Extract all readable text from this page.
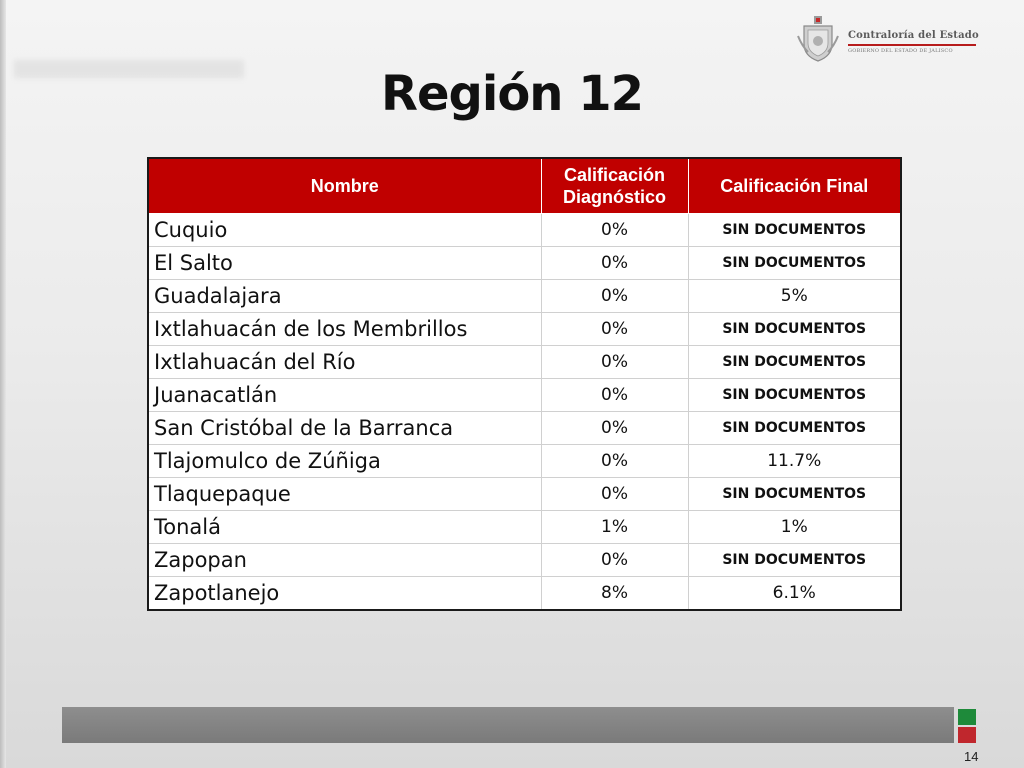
Contraloría del Estado
GOBIERNO DEL ESTADO DE JALISCO
Región 12
Nombre	Calificación Diagnóstico	Calificación Final
Cuquio	0%	SIN DOCUMENTOS
El Salto	0%	SIN DOCUMENTOS
Guadalajara	0%	5%
Ixtlahuacán de los Membrillos	0%	SIN DOCUMENTOS
Ixtlahuacán del Río	0%	SIN DOCUMENTOS
Juanacatlán	0%	SIN DOCUMENTOS
San Cristóbal de la Barranca	0%	SIN DOCUMENTOS
Tlajomulco de Zúñiga	0%	11.7%
Tlaquepaque	0%	SIN DOCUMENTOS
Tonalá	1%	1%
Zapopan	0%	SIN DOCUMENTOS
Zapotlanejo	8%	6.1%
14
